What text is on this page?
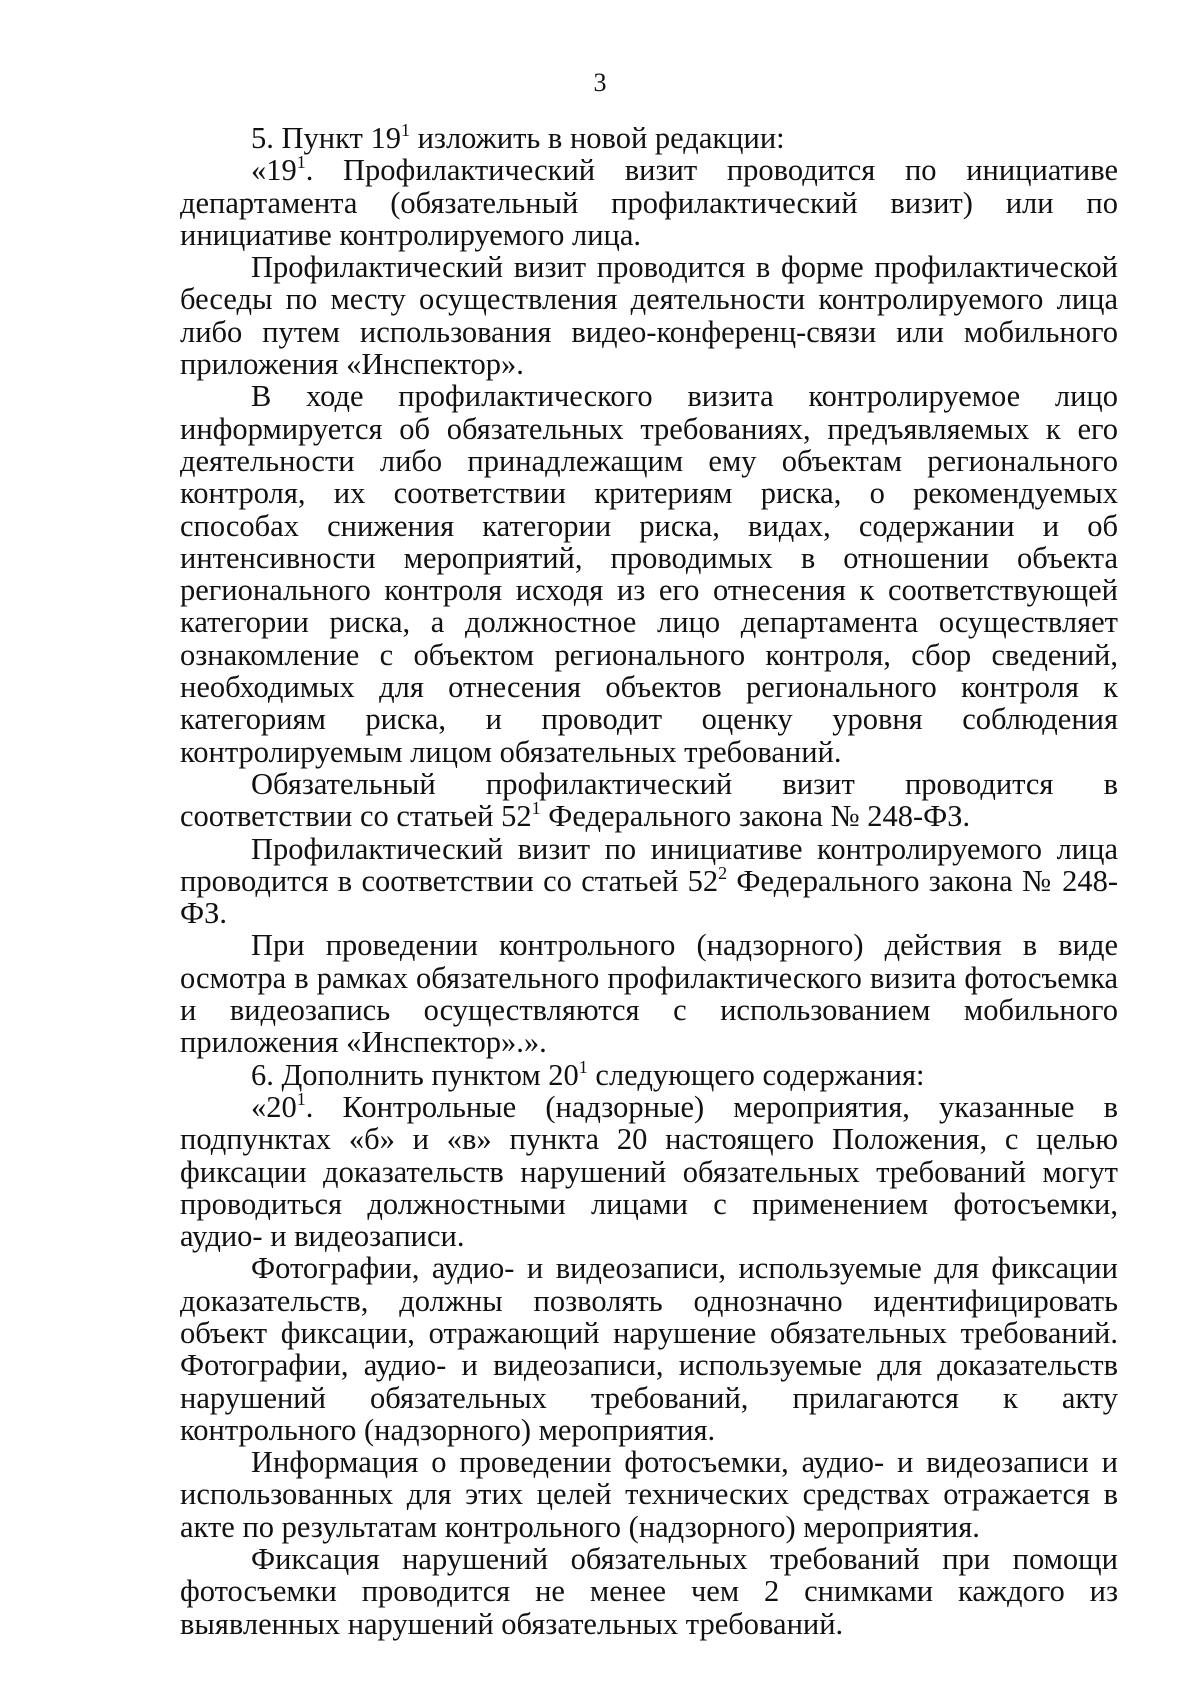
3

5. Пункт $19^1$ изложить в новой редакции:

«$19^1$. Профилактический визит проводится по инициативе департамента (обязательный профилактический визит) или по инициативе контролируемого лица.

Профилактический визит проводится в форме профилактической беседы по месту осуществления деятельности контролируемого лица либо путем использования видео-конференц-связи или мобильного приложения «Инспектор».

В ходе профилактического визита контролируемое лицо информируется об обязательных требованиях, предъявляемых к его деятельности либо принадлежащим ему объектам регионального контроля, их соответствии критериям риска, о рекомендуемых способах снижения категории риска, видах, содержании и об интенсивности мероприятий, проводимых в отношении объекта регионального контроля исходя из его отнесения к соответствующей категории риска, а должностное лицо департамента осуществляет ознакомление с объектом регионального контроля, сбор сведений, необходимых для отнесения объектов регионального контроля к категориям риска, и проводит оценку уровня соблюдения контролируемым лицом обязательных требований.

Обязательный профилактический визит проводится в соответствии со статьей $52^1$ Федерального закона № 248-ФЗ.

Профилактический визит по инициативе контролируемого лица проводится в соответствии со статьей $52^2$ Федерального закона № 248-ФЗ.

При проведении контрольного (надзорного) действия в виде осмотра в рамках обязательного профилактического визита фотосъемка и видеозапись осуществляются с использованием мобильного приложения «Инспектор».».

6. Дополнить пунктом $20^1$ следующего содержания:

«$20^1$. Контрольные (надзорные) мероприятия, указанные в подпунктах «б» и «в» пункта 20 настоящего Положения, с целью фиксации доказательств нарушений обязательных требований могут проводиться должностными лицами с применением фотосъемки, аудио- и видеозаписи.

Фотографии, аудио- и видеозаписи, используемые для фиксации доказательств, должны позволять однозначно идентифицировать объект фиксации, отражающий нарушение обязательных требований. Фотографии, аудио- и видеозаписи, используемые для доказательств нарушений обязательных требований, прилагаются к акту контрольного (надзорного) мероприятия.

Информация о проведении фотосъемки, аудио- и видеозаписи и использованных для этих целей технических средствах отражается в акте по результатам контрольного (надзорного) мероприятия.

Фиксация нарушений обязательных требований при помощи фотосъемки проводится не менее чем 2 снимками каждого из выявленных нарушений обязательных требований.
